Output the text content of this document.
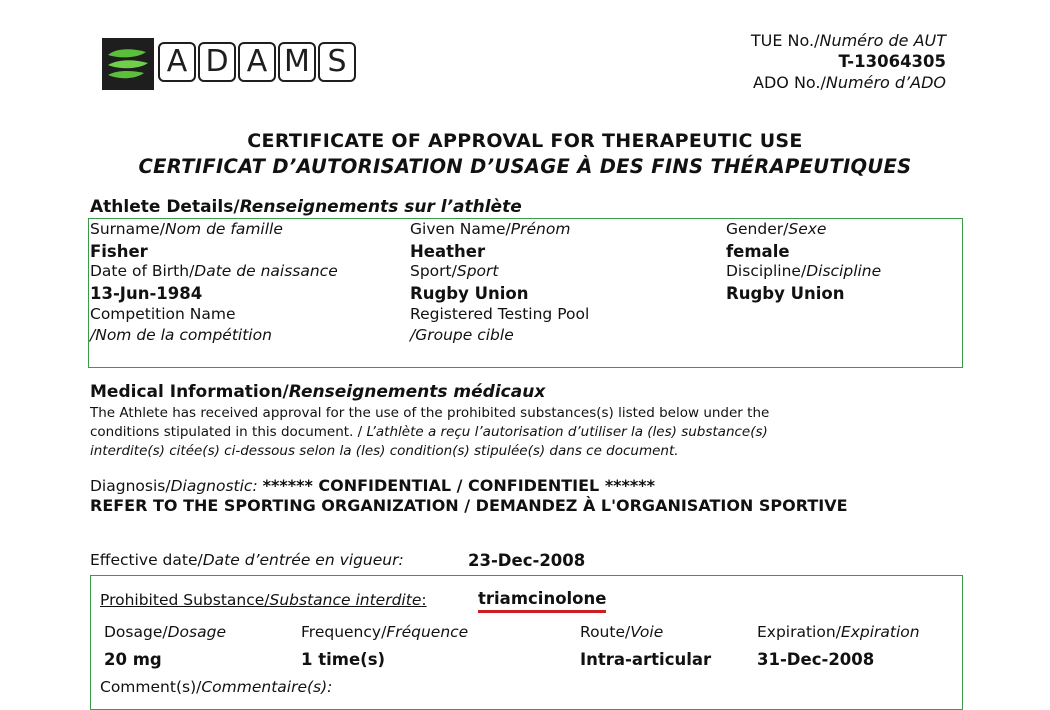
A D A M S
TUE No./Numéro de AUT
T-13064305
ADO No./Numéro d’ADO
CERTIFICATE OF APPROVAL FOR THERAPEUTIC USE
CERTIFICAT D’AUTORISATION D’USAGE À DES FINS THÉRAPEUTIQUES
Athlete Details/Renseignements sur l’athlète
Surname/Nom de famille
Fisher
Date of Birth/Date de naissance
13-Jun-1984
Competition Name
/Nom de la compétition
Given Name/Prénom
Heather
Sport/Sport
Rugby Union
Registered Testing Pool
/Groupe cible
Gender/Sexe
female
Discipline/Discipline
Rugby Union
Medical Information/Renseignements médicaux
The Athlete has received approval for the use of the prohibited substances(s) listed below under the
conditions stipulated in this document. / L’athlète a reçu l’autorisation d’utiliser la (les) substance(s)
interdite(s) citée(s) ci-dessous selon la (les) condition(s) stipulée(s) dans ce document.
Diagnosis/Diagnostic: ****** CONFIDENTIAL / CONFIDENTIEL ******
REFER TO THE SPORTING ORGANIZATION / DEMANDEZ À L'ORGANISATION SPORTIVE
Effective date/Date d’entrée en vigueur:	23-Dec-2008
Prohibited Substance/Substance interdite:	triamcinolone
Dosage/Dosage
20 mg
Frequency/Fréquence
1 time(s)
Route/Voie
Intra-articular
Expiration/Expiration
31-Dec-2008
Comment(s)/Commentaire(s):
